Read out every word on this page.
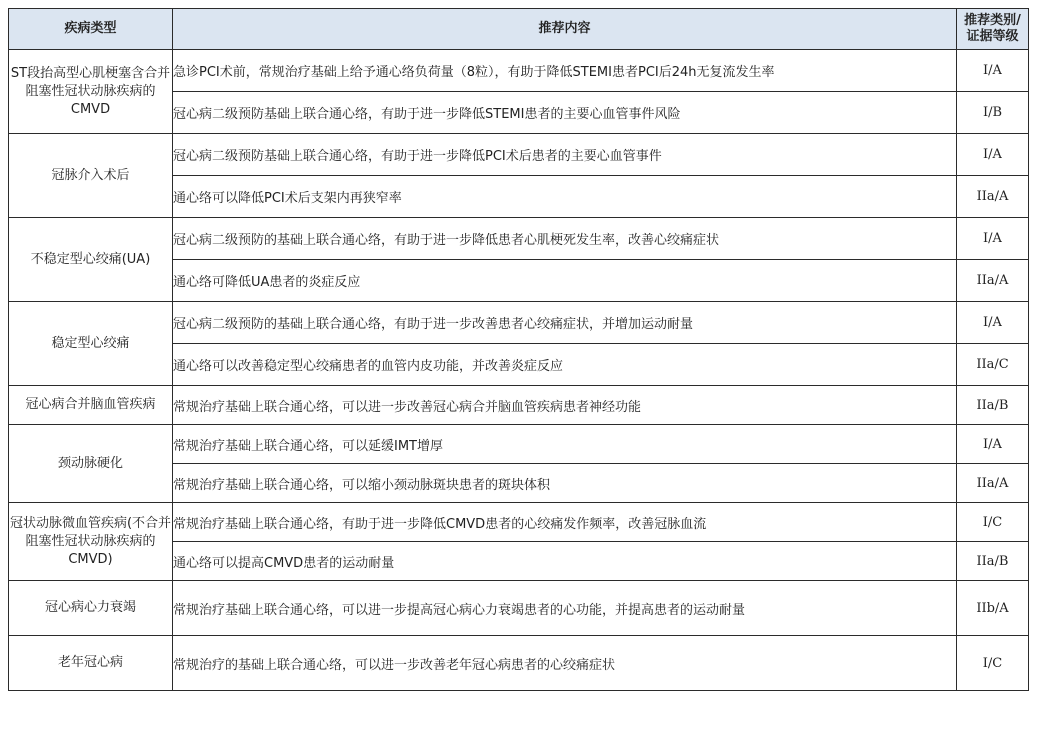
疾病类型	推荐内容	推荐类别/
证据等级
ST段抬高型心肌梗塞含合并阻塞性冠状动脉疾病的CMVD	急诊PCI术前，常规治疗基础上给予通心络负荷量（8粒），有助于降低STEMI患者PCI后24h无复流发生率	I/A
	冠心病二级预防基础上联合通心络，有助于进一步降低STEMI患者的主要心血管事件风险	I/B
冠脉介入术后	冠心病二级预防基础上联合通心络，有助于进一步降低PCI术后患者的主要心血管事件	I/A
	通心络可以降低PCI术后支架内再狭窄率	IIa/A
不稳定型心绞痛(UA)	冠心病二级预防的基础上联合通心络，有助于进一步降低患者心肌梗死发生率，改善心绞痛症状	I/A
	通心络可降低UA患者的炎症反应	IIa/A
稳定型心绞痛	冠心病二级预防的基础上联合通心络，有助于进一步改善患者心绞痛症状，并增加运动耐量	I/A
	通心络可以改善稳定型心绞痛患者的血管内皮功能，并改善炎症反应	IIa/C
冠心病合并脑血管疾病	常规治疗基础上联合通心络，可以进一步改善冠心病合并脑血管疾病患者神经功能	IIa/B
颈动脉硬化	常规治疗基础上联合通心络，可以延缓IMT增厚	I/A
	常规治疗基础上联合通心络，可以缩小颈动脉斑块患者的斑块体积	IIa/A
冠状动脉微血管疾病(不合并阻塞性冠状动脉疾病的CMVD)	常规治疗基础上联合通心络，有助于进一步降低CMVD患者的心绞痛发作频率，改善冠脉血流	I/C
	通心络可以提高CMVD患者的运动耐量	IIa/B
冠心病心力衰竭	常规治疗基础上联合通心络，可以进一步提高冠心病心力衰竭患者的心功能，并提高患者的运动耐量	IIb/A
老年冠心病	常规治疗的基础上联合通心络，可以进一步改善老年冠心病患者的心绞痛症状	I/C
